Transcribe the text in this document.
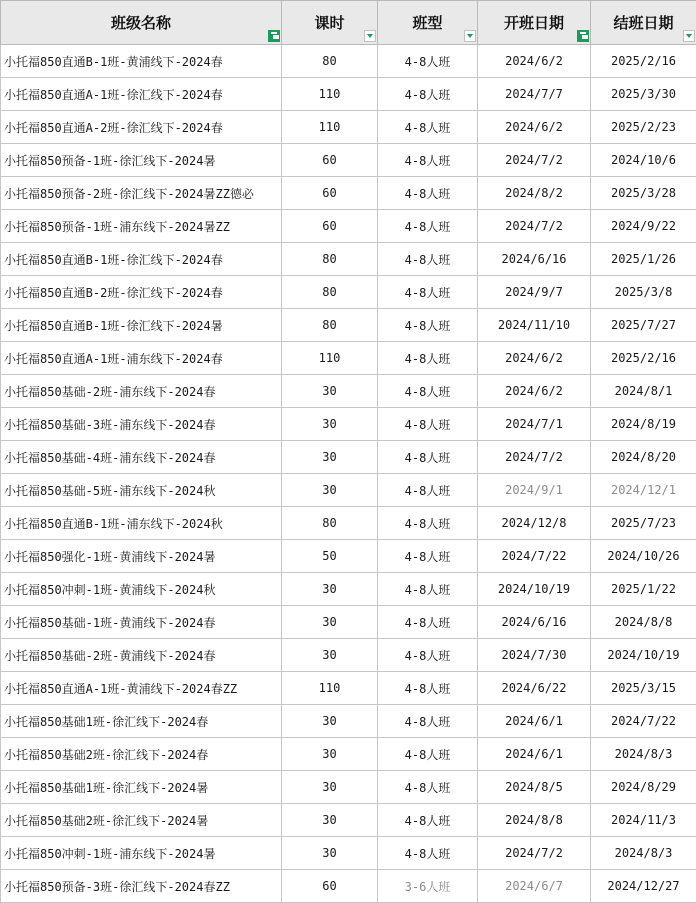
班级名称	课时	班型	开班日期	结班日期

小托福850直通B-1班-黄浦线下-2024春	80	4-8人班	2024/6/2	2025/2/16
小托福850直通A-1班-徐汇线下-2024春	110	4-8人班	2024/7/7	2025/3/30
小托福850直通A-2班-徐汇线下-2024春	110	4-8人班	2024/6/2	2025/2/23
小托福850预备-1班-徐汇线下-2024暑	60	4-8人班	2024/7/2	2024/10/6
小托福850预备-2班-徐汇线下-2024暑ZZ德必	60	4-8人班	2024/8/2	2025/3/28
小托福850预备-1班-浦东线下-2024暑ZZ	60	4-8人班	2024/7/2	2024/9/22
小托福850直通B-1班-徐汇线下-2024春	80	4-8人班	2024/6/16	2025/1/26
小托福850直通B-2班-徐汇线下-2024春	80	4-8人班	2024/9/7	2025/3/8
小托福850直通B-1班-徐汇线下-2024暑	80	4-8人班	2024/11/10	2025/7/27
小托福850直通A-1班-浦东线下-2024春	110	4-8人班	2024/6/2	2025/2/16
小托福850基础-2班-浦东线下-2024春	30	4-8人班	2024/6/2	2024/8/1
小托福850基础-3班-浦东线下-2024春	30	4-8人班	2024/7/1	2024/8/19
小托福850基础-4班-浦东线下-2024春	30	4-8人班	2024/7/2	2024/8/20
小托福850基础-5班-浦东线下-2024秋	30	4-8人班	2024/9/1	2024/12/1
小托福850直通B-1班-浦东线下-2024秋	80	4-8人班	2024/12/8	2025/7/23
小托福850强化-1班-黄浦线下-2024暑	50	4-8人班	2024/7/22	2024/10/26
小托福850冲刺-1班-黄浦线下-2024秋	30	4-8人班	2024/10/19	2025/1/22
小托福850基础-1班-黄浦线下-2024春	30	4-8人班	2024/6/16	2024/8/8
小托福850基础-2班-黄浦线下-2024春	30	4-8人班	2024/7/30	2024/10/19
小托福850直通A-1班-黄浦线下-2024春ZZ	110	4-8人班	2024/6/22	2025/3/15
小托福850基础1班-徐汇线下-2024春	30	4-8人班	2024/6/1	2024/7/22
小托福850基础2班-徐汇线下-2024春	30	4-8人班	2024/6/1	2024/8/3
小托福850基础1班-徐汇线下-2024暑	30	4-8人班	2024/8/5	2024/8/29
小托福850基础2班-徐汇线下-2024暑	30	4-8人班	2024/8/8	2024/11/3
小托福850冲刺-1班-浦东线下-2024暑	30	4-8人班	2024/7/2	2024/8/3
小托福850预备-3班-徐汇线下-2024春ZZ	60	3-6人班	2024/6/7	2024/12/27
